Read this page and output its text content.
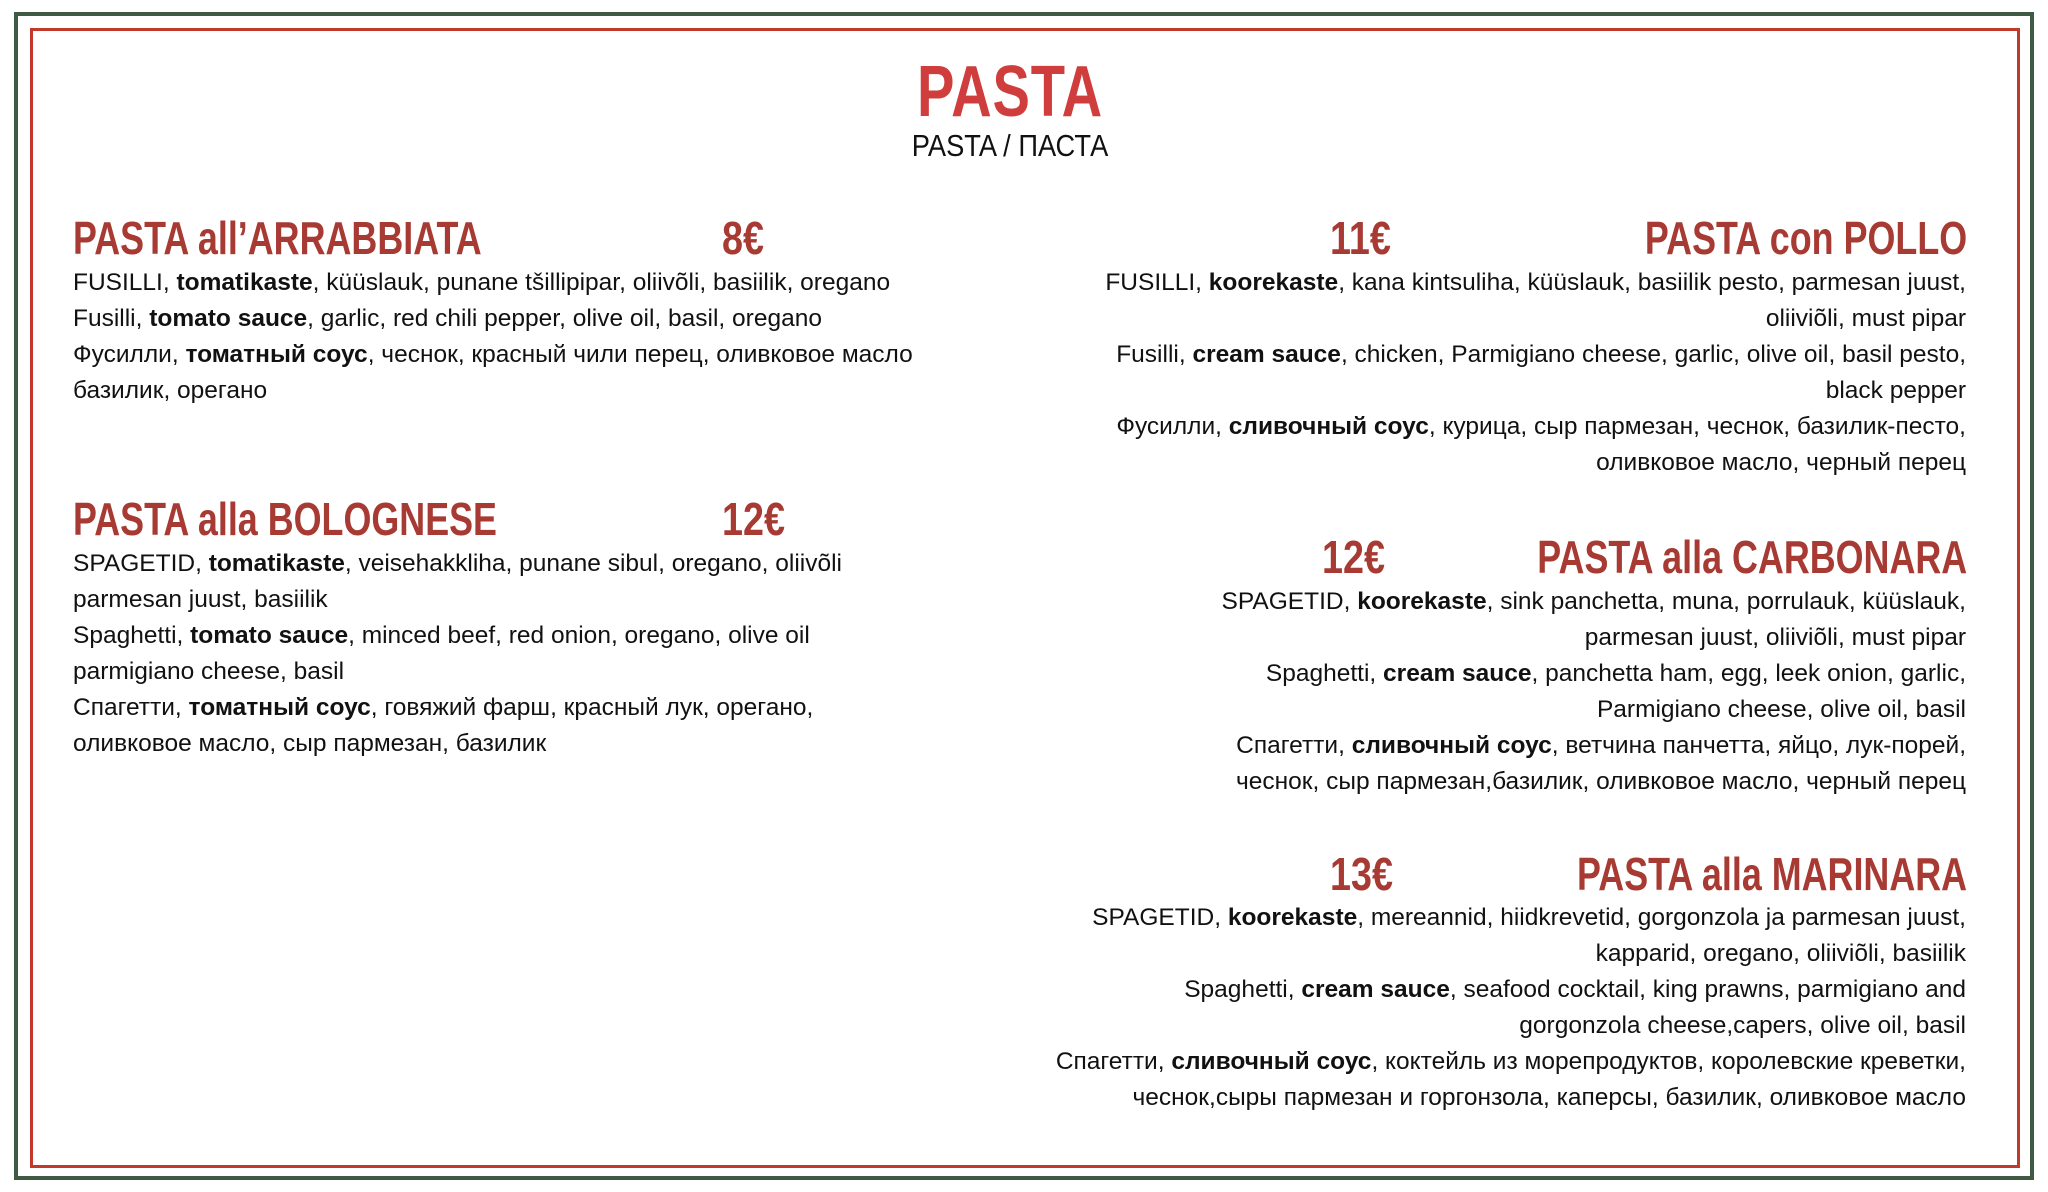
PASTA
PASTA / ПАСТА
PASTA all’ARRABBIATA	8€
FUSILLI, tomatikaste, küüslauk, punane tšillipipar, oliivõli, basiilik, oregano
Fusilli, tomato sauce, garlic, red chili pepper, olive oil, basil, oregano
Фусилли, томатный соус, чеснок, красный чили перец, оливковое масло
базилик, орегано
PASTA alla BOLOGNESE	12€
SPAGETID, tomatikaste, veisehakkliha, punane sibul, oregano, oliivõli
parmesan juust, basiilik
Spaghetti, tomato sauce, minced beef, red onion, oregano, olive oil
parmigiano cheese, basil
Спагетти, томатный соус, говяжий фарш, красный лук, орегано,
оливковое масло, сыр пармезан, базилик
11€	PASTA con POLLO
FUSILLI, koorekaste, kana kintsuliha, küüslauk, basiilik pesto, parmesan juust,
oliiviõli, must pipar
Fusilli, cream sauce, chicken, Parmigiano cheese, garlic, olive oil, basil pesto,
black pepper
Фусилли, сливочный соус, курица, сыр пармезан, чеснок, базилик-песто,
оливковое масло, черный перец
12€	PASTA alla CARBONARA
SPAGETID, koorekaste, sink panchetta, muna, porrulauk, küüslauk,
parmesan juust, oliiviõli, must pipar
Spaghetti, cream sauce, panchetta ham, egg, leek onion, garlic,
Parmigiano cheese, olive oil, basil
Спагетти, сливочный соус, ветчина панчетта, яйцо, лук-порей,
чеснок, сыр пармезан,базилик, оливковое масло, черный перец
13€	PASTA alla MARINARA
SPAGETID, koorekaste, mereannid, hiidkrevetid, gorgonzola ja parmesan juust,
kapparid, oregano, oliiviõli, basiilik
Spaghetti, cream sauce, seafood cocktail, king prawns, parmigiano and
gorgonzola cheese,capers, olive oil, basil
Спагетти, сливочный соус, коктейль из морепродуктов, королевские креветки,
чеснок,сыры пармезан и горгонзола, каперсы, базилик, оливковое масло
